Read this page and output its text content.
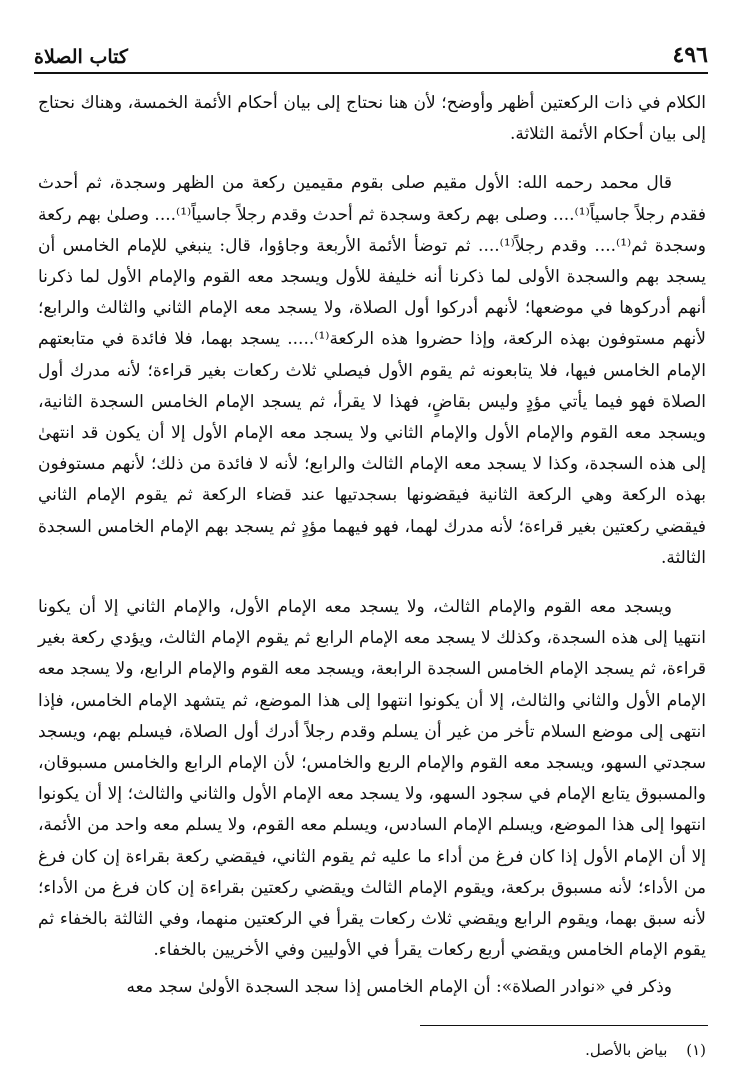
٤٩٦
كتاب الصلاة

الكلام في ذات الركعتين أظهر وأوضح؛ لأن هنا نحتاج إلى بيان أحكام الأئمة الخمسة، وهناك نحتاج إلى بيان أحكام الأئمة الثلاثة.

قال محمد رحمه الله: الأول مقيم صلى بقوم مقيمين ركعة من الظهر وسجدة، ثم أحدث فقدم رجلاً جاسياً⁽¹⁾.... وصلى بهم ركعة وسجدة ثم أحدث وقدم رجلاً جاسياً⁽¹⁾.... وصلىٰ بهم ركعة وسجدة ثم⁽¹⁾.... وقدم رجلاً⁽¹⁾.... ثم توضأ الأئمة الأربعة وجاؤوا، قال: ينبغي للإمام الخامس أن يسجد بهم والسجدة الأولى لما ذكرنا أنه خليفة للأول ويسجد معه القوم والإمام الأول لما ذكرنا أنهم أدركوها في موضعها؛ لأنهم أدركوا أول الصلاة، ولا يسجد معه الإمام الثاني والثالث والرابع؛ لأنهم مستوفون بهذه الركعة، وإذا حضروا هذه الركعة⁽¹⁾..... يسجد بهما، فلا فائدة في متابعتهم الإمام الخامس فيها، فلا يتابعونه ثم يقوم الأول فيصلي ثلاث ركعات بغير قراءة؛ لأنه مدرك أول الصلاة فهو فيما يأتي مؤدٍ وليس بقاضٍ، فهذا لا يقرأ، ثم يسجد الإمام الخامس السجدة الثانية، ويسجد معه القوم والإمام الأول والإمام الثاني ولا يسجد معه الإمام الأول إلا أن يكون قد انتهىٰ إلى هذه السجدة، وكذا لا يسجد معه الإمام الثالث والرابع؛ لأنه لا فائدة من ذلك؛ لأنهم مستوفون بهذه الركعة وهي الركعة الثانية فيقضونها بسجدتيها عند قضاء الركعة ثم يقوم الإمام الثاني فيقضي ركعتين بغير قراءة؛ لأنه مدرك لهما، فهو فيهما مؤدٍ ثم يسجد بهم الإمام الخامس السجدة الثالثة.

ويسجد معه القوم والإمام الثالث، ولا يسجد معه الإمام الأول، والإمام الثاني إلا أن يكونا انتهيا إلى هذه السجدة، وكذلك لا يسجد معه الإمام الرابع ثم يقوم الإمام الثالث، ويؤدي ركعة بغير قراءة، ثم يسجد الإمام الخامس السجدة الرابعة، ويسجد معه القوم والإمام الرابع، ولا يسجد معه الإمام الأول والثاني والثالث، إلا أن يكونوا انتهوا إلى هذا الموضع، ثم يتشهد الإمام الخامس، فإذا انتهى إلى موضع السلام تأخر من غير أن يسلم وقدم رجلاً أدرك أول الصلاة، فيسلم بهم، ويسجد سجدتي السهو، ويسجد معه القوم والإمام الربع والخامس؛ لأن الإمام الرابع والخامس مسبوقان، والمسبوق يتابع الإمام في سجود السهو، ولا يسجد معه الإمام الأول والثاني والثالث؛ إلا أن يكونوا انتهوا إلى هذا الموضع، ويسلم الإمام السادس، ويسلم معه القوم، ولا يسلم معه واحد من الأئمة، إلا أن الإمام الأول إذا كان فرغ من أداء ما عليه ثم يقوم الثاني، فيقضي ركعة بقراءة إن كان فرغ من الأداء؛ لأنه مسبوق بركعة، ويقوم الإمام الثالث ويقضي ركعتين بقراءة إن كان فرغ من الأداء؛ لأنه سبق بهما، ويقوم الرابع ويقضي ثلاث ركعات يقرأ في الركعتين منهما، وفي الثالثة بالخفاء ثم يقوم الإمام الخامس ويقضي أربع ركعات يقرأ في الأوليين وفي الأخريين بالخفاء.

وذكر في «نوادر الصلاة»: أن الإمام الخامس إذا سجد السجدة الأولىٰ سجد معه

(١) بياض بالأصل.
